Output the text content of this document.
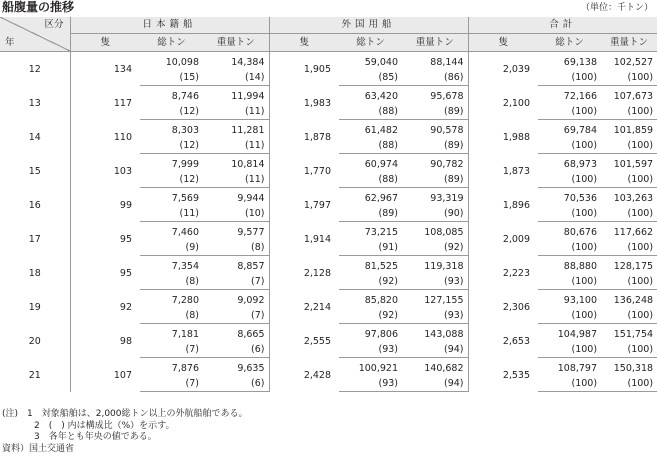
船腹量の推移	（単位：千トン）
区分
年	日本籍船			外国用船			合計		
	隻	総トン	重量トン	隻	総トン	重量トン	隻	総トン	重量トン
12	134	10,098	14,384	1,905	59,040	88,144	2,039	69,138	102,527
		(15)	(14)		(85)	(86)		(100)	(100)
13	117	8,746	11,994	1,983	63,420	95,678	2,100	72,166	107,673
		(12)	(11)		(88)	(89)		(100)	(100)
14	110	8,303	11,281	1,878	61,482	90,578	1,988	69,784	101,859
		(12)	(11)		(88)	(89)		(100)	(100)
15	103	7,999	10,814	1,770	60,974	90,782	1,873	68,973	101,597
		(12)	(11)		(88)	(89)		(100)	(100)
16	99	7,569	9,944	1,797	62,967	93,319	1,896	70,536	103,263
		(11)	(10)		(89)	(90)		(100)	(100)
17	95	7,460	9,577	1,914	73,215	108,085	2,009	80,676	117,662
		(9)	(8)		(91)	(92)		(100)	(100)
18	95	7,354	8,857	2,128	81,525	119,318	2,223	88,880	128,175
		(8)	(7)		(92)	(93)		(100)	(100)
19	92	7,280	9,092	2,214	85,820	127,155	2,306	93,100	136,248
		(8)	(7)		(92)	(93)		(100)	(100)
20	98	7,181	8,665	2,555	97,806	143,088	2,653	104,987	151,754
		(7)	(6)		(93)	(94)		(100)	(100)
21	107	7,876	9,635	2,428	100,921	140,682	2,535	108,797	150,318
		(7)	(6)		(93)	(94)		(100)	(100)
(注)　1　対象船舶は、2,000総トン以上の外航船舶である。
2　(　) 内は構成比（%）を示す。
3　各年とも年央の値である。
資料）国土交通省
